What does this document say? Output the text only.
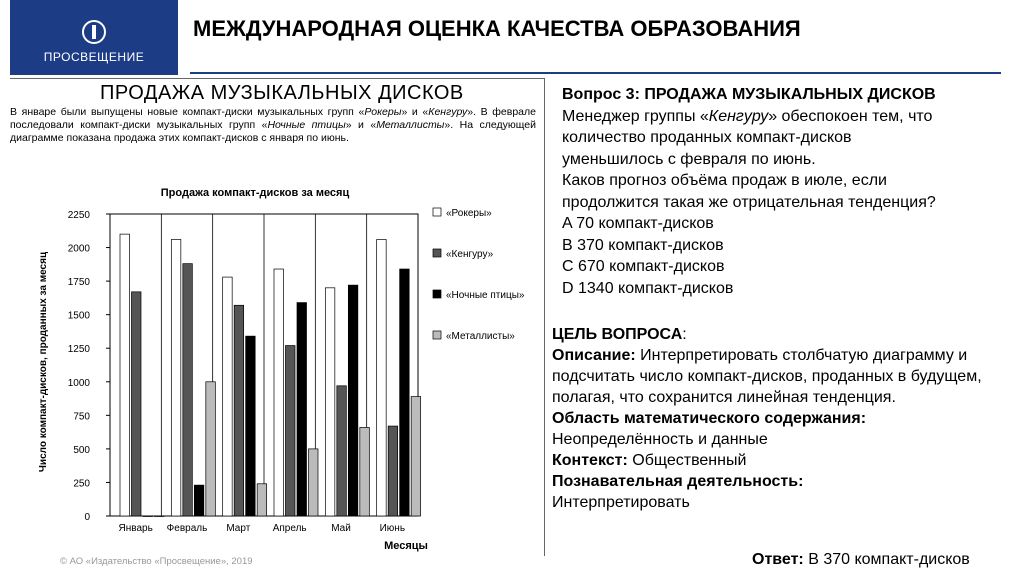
ПРОСВЕЩЕНИЕ
МЕЖДУНАРОДНАЯ ОЦЕНКА КАЧЕСТВА ОБРАЗОВАНИЯ
ПРОДАЖА МУЗЫКАЛЬНЫХ ДИСКОВ

В январе были выпущены новые компакт-диски музыкальных групп «Рокеры» и «Кенгуру». В феврале последовали компакт-диски музыкальных групп «Ночные птицы» и «Металлисты». На следующей диаграмме показана продажа этих компакт-дисков с января по июнь.

Продажа компакт-дисков за месяц
Число компакт-дисков, проданных за месяц
Месяцы
0
250
500
750
1000
1250
1500
1750
2000
2250
Январь Февраль Март Апрель Май	Июнь
«Рокеры»
«Кенгуру»
«Ночные птицы»
«Металлисты»
© АО «Издательство «Просвещение», 2019

Вопрос 3: ПРОДАЖА МУЗЫКАЛЬНЫХ ДИСКОВ

Менеджер группы «Кенгуру» обеспокоен тем, что

количество проданных компакт-дисков

уменьшилось с февраля по июнь.

Каков прогноз объёма продаж в июле, если

продолжится такая же отрицательная тенденция?

A 70 компакт-дисков

B 370 компакт-дисков

C 670 компакт-дисков

D 1340 компакт-дисков

ЦЕЛЬ ВОПРОСА:

Описание: Интерпретировать столбчатую диаграмму и подсчитать число компакт-дисков, проданных в будущем, полагая, что сохранится линейная тенденция.

Область математического содержания:

Неопределённость и данные

Контекст: Общественный

Познавательная деятельность:

Интерпретировать

Ответ: В 370 компакт-дисков
